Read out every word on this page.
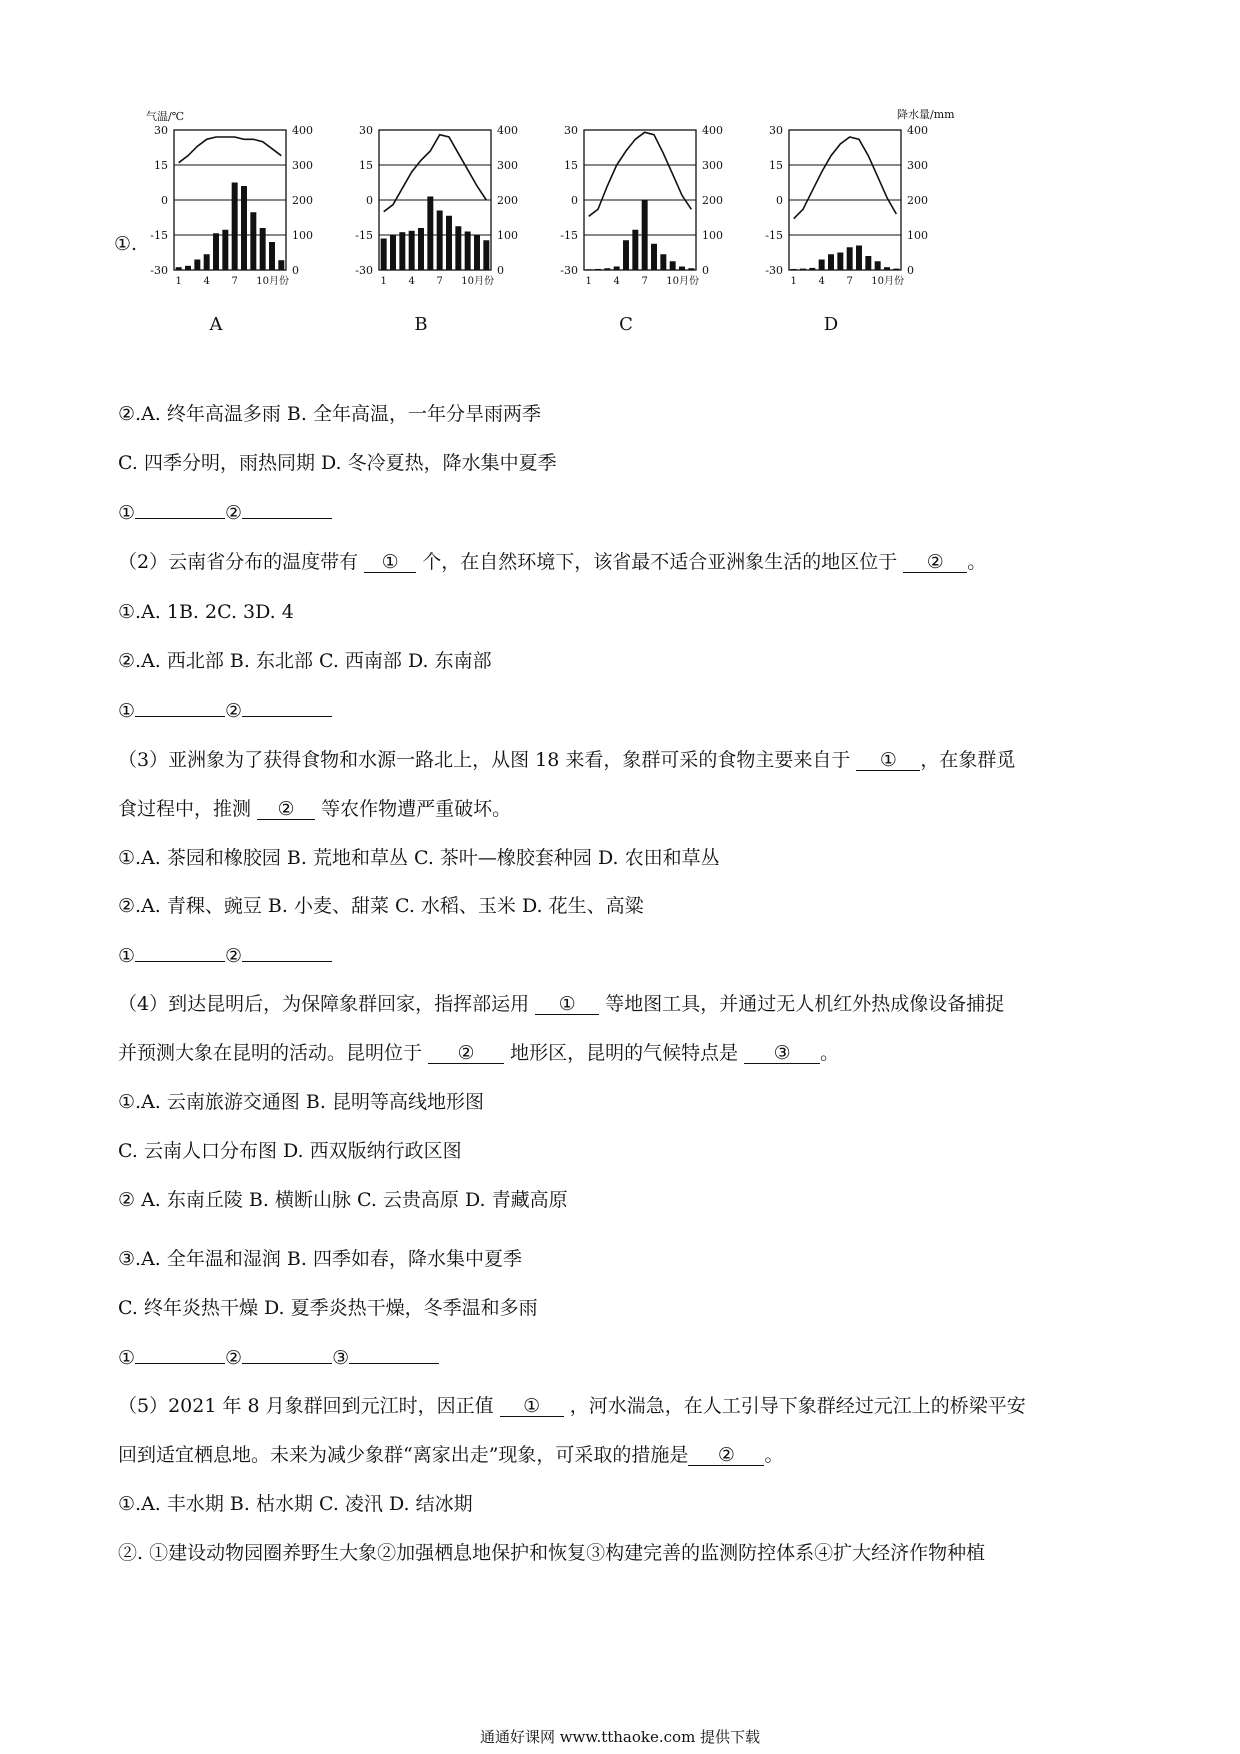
①.
30
15
0
-15
-30
400
300
200
100
0
1 4 7 10月份
气温/℃
A
30
15
0
-15
-30
400
300
200
100
0
1 4 7 10月份
B
30
15
0
-15
-30
400
300
200
100
0
1 4 7 10月份
C
30
15
0
-15
-30
400
300
200
100
0
1 4 7 10月份
降水量/mm
D
②.A. 终年高温多雨 B. 全年高温，一年分旱雨两季
C. 四季分明，雨热同期 D. 冬冷夏热，降水集中夏季
①	②
（2）云南省分布的温度带有 ① 个，在自然环境下，该省最不适合亚洲象生活的地区位于 ② 。
①.A. 1B. 2C. 3D. 4
②.A. 西北部 B. 东北部 C. 西南部 D. 东南部
①	②
（3）亚洲象为了获得食物和水源一路北上，从图 18 来看，象群可采的食物主要来自于 ① ，在象群觅
食过程中，推测 ② 等农作物遭严重破坏。
①.A. 茶园和橡胶园 B. 荒地和草丛 C. 茶叶—橡胶套种园 D. 农田和草丛
②.A. 青稞、豌豆 B. 小麦、甜菜 C. 水稻、玉米 D. 花生、高粱
①	②
（4）到达昆明后，为保障象群回家，指挥部运用 ① 等地图工具，并通过无人机红外热成像设备捕捉
并预测大象在昆明的活动。昆明位于 ② 地形区，昆明的气候特点是 ③ 。
①.A. 云南旅游交通图 B. 昆明等高线地形图
C. 云南人口分布图 D. 西双版纳行政区图
② A. 东南丘陵 B. 横断山脉 C. 云贵高原 D. 青藏高原
③.A. 全年温和湿润 B. 四季如春，降水集中夏季
C. 终年炎热干燥 D. 夏季炎热干燥，冬季温和多雨
①	②	③
（5）2021 年 8 月象群回到元江时，因正值 ① ，河水湍急，在人工引导下象群经过元江上的桥梁平安
回到适宜栖息地。未来为减少象群“离家出走”现象，可采取的措施是 ② 。
①.A. 丰水期 B. 枯水期 C. 凌汛 D. 结冰期
②. ①建设动物园圈养野生大象②加强栖息地保护和恢复③构建完善的监测防控体系④扩大经济作物种植
通通好课网 www.tthaoke.com 提供下载
